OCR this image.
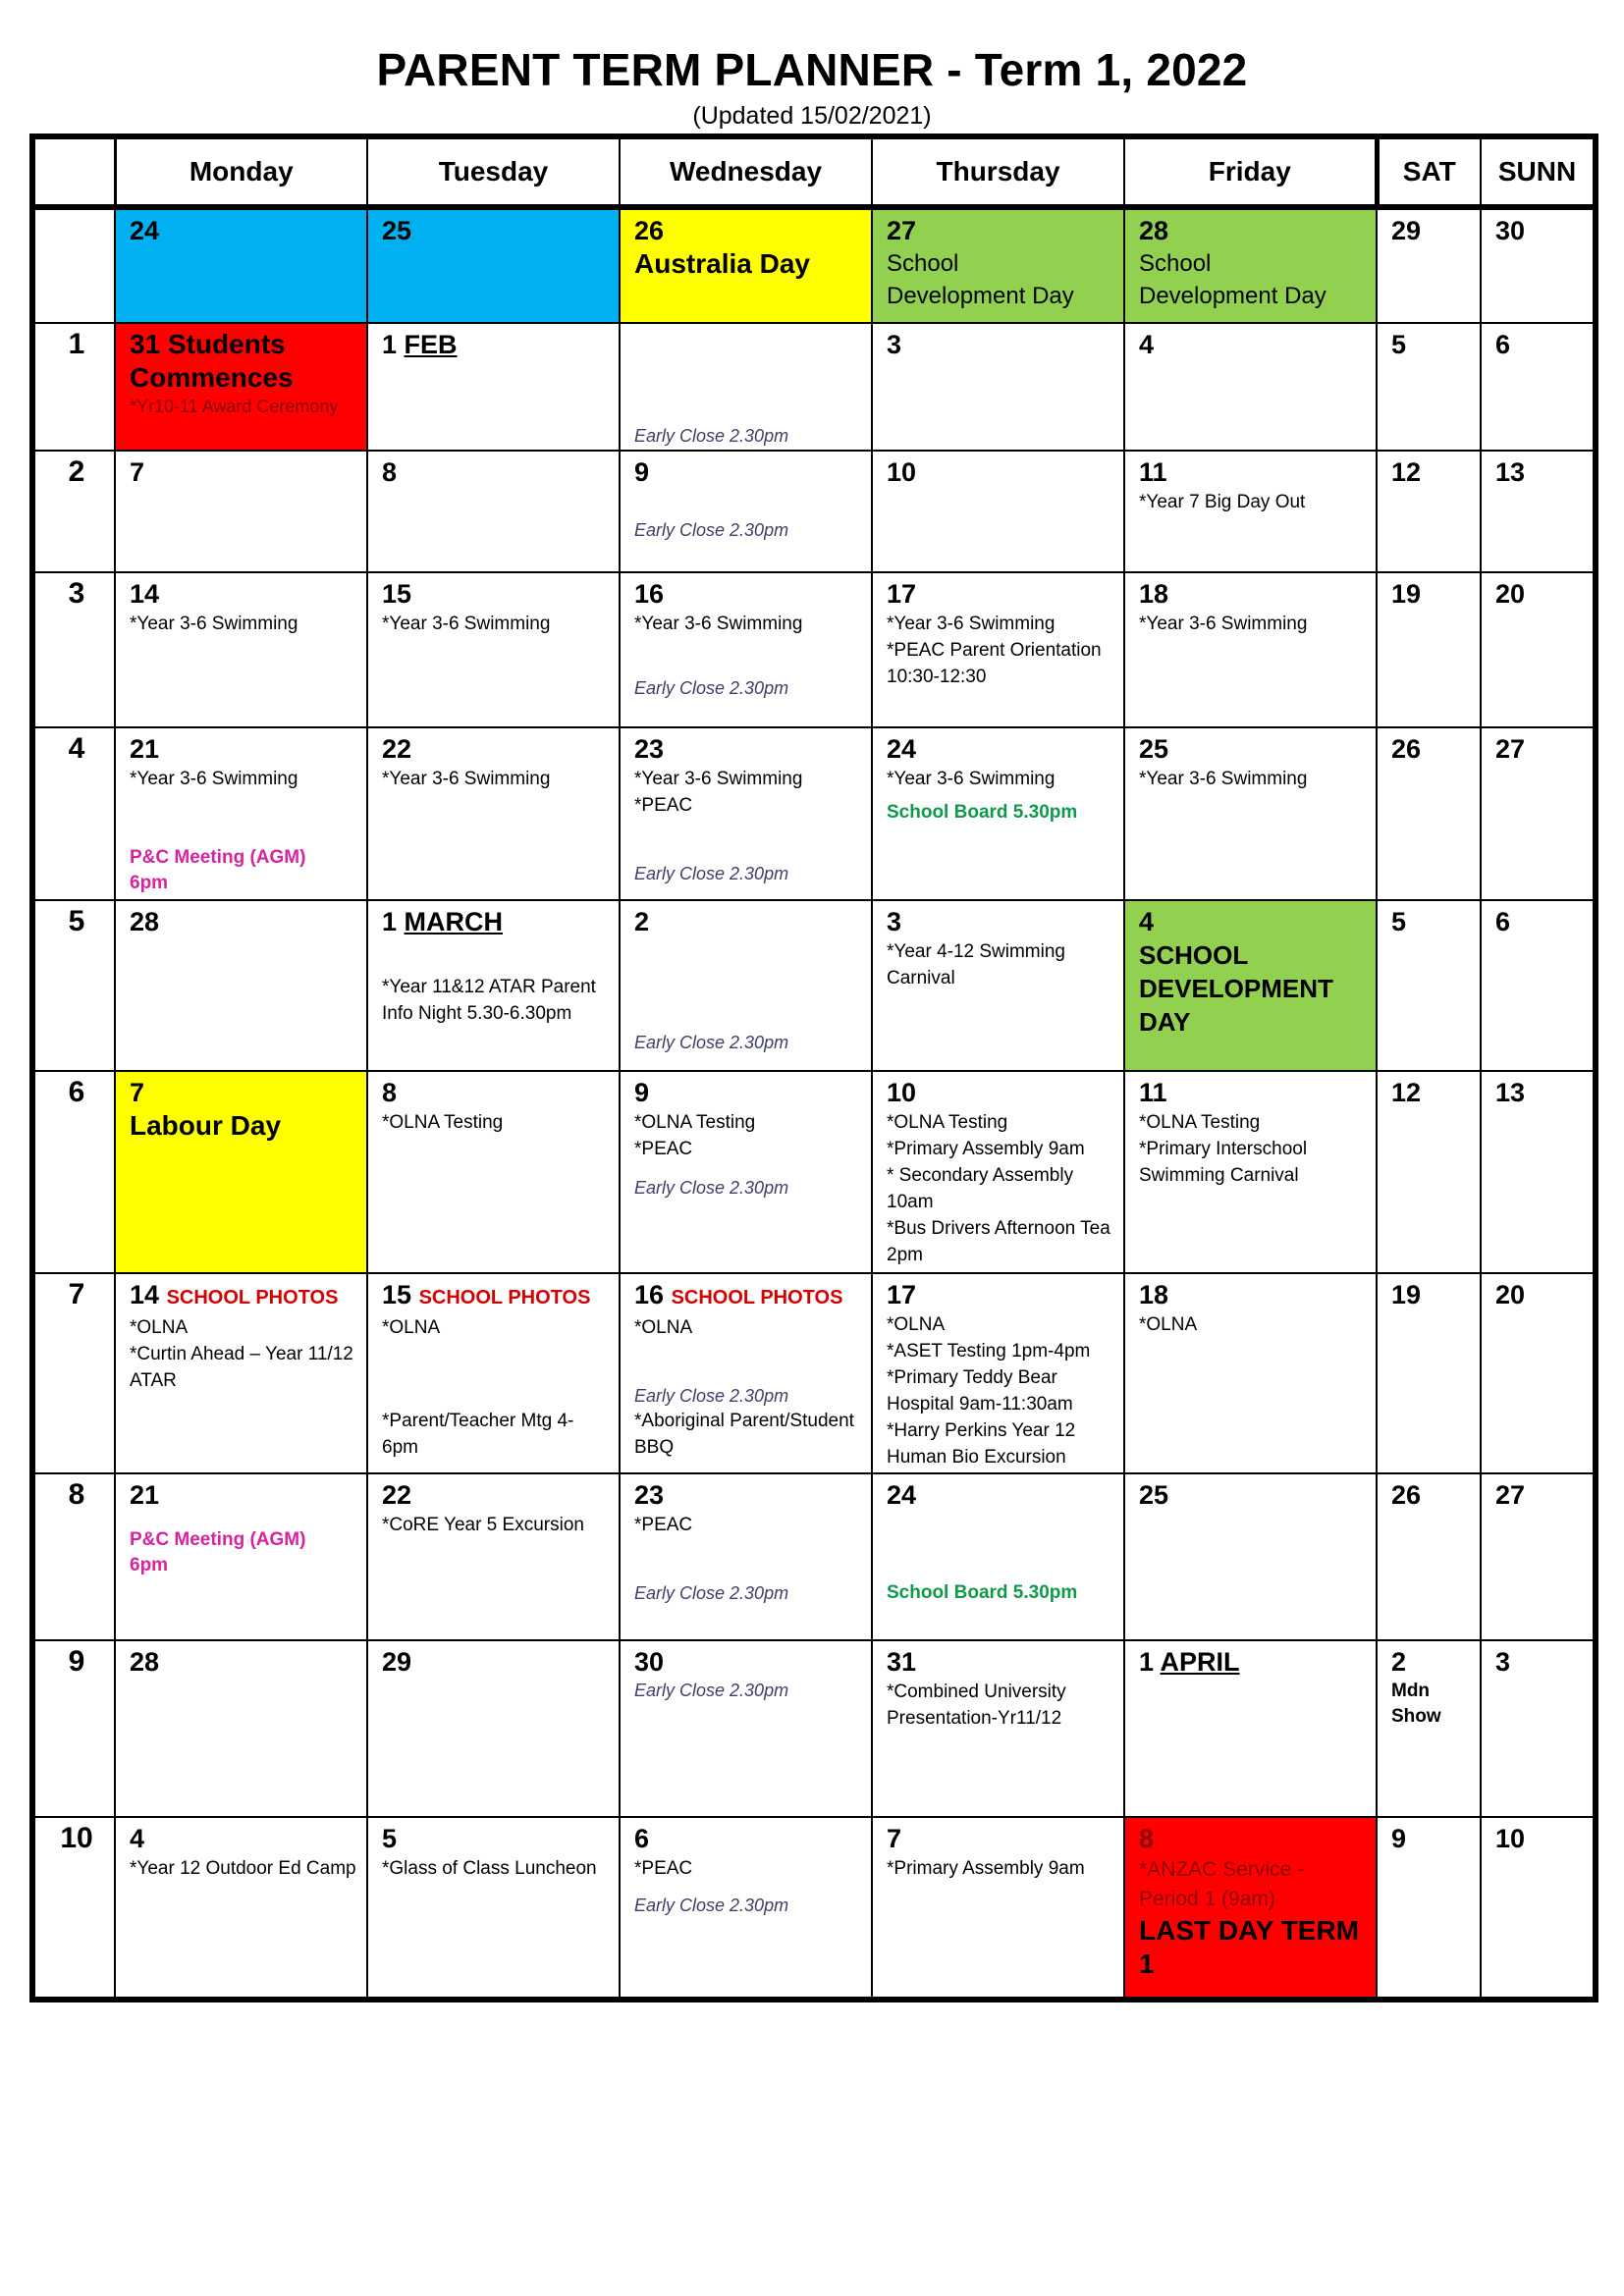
PARENT TERM PLANNER - Term 1, 2022
(Updated 15/02/2021)
	Monday	Tuesday	Wednesday	Thursday	Friday	SAT	SUNN

	24	25	26
Australia Day	27
School
Development Day	28
School
Development Day	29	30

1	31 Students
Commences
*Yr10-11 Award Ceremony	1 FEB	Early Close 2.30pm	3	4	5	6

2	7	8	9
Early Close 2.30pm	10	11
*Year 7 Big Day Out	12	13

3	14
*Year 3-6 Swimming	15
*Year 3-6 Swimming	16
*Year 3-6 Swimming
Early Close 2.30pm	17
*Year 3-6 Swimming
*PEAC Parent Orientation 10:30-12:30	18
*Year 3-6 Swimming	19	20

4	21
*Year 3-6 Swimming
P&C Meeting (AGM)
6pm	22
*Year 3-6 Swimming	23
*Year 3-6 Swimming
*PEAC
Early Close 2.30pm	24
*Year 3-6 Swimming
School Board 5.30pm	25
*Year 3-6 Swimming	26	27

5	28	1 MARCH
*Year 11&12 ATAR Parent Info Night 5.30-6.30pm	2
Early Close 2.30pm	3
*Year 4-12 Swimming Carnival	4
SCHOOL DEVELOPMENT DAY	5	6

6	7
Labour Day	8
*OLNA Testing	9
*OLNA Testing
*PEAC
Early Close 2.30pm	10
*OLNA Testing
*Primary Assembly 9am
* Secondary Assembly 10am
*Bus Drivers Afternoon Tea 2pm	11
*OLNA Testing
*Primary Interschool Swimming Carnival	12	13

7	14 SCHOOL PHOTOS
*OLNA
*Curtin Ahead – Year 11/12 ATAR	15 SCHOOL PHOTOS
*OLNA
*Parent/Teacher Mtg 4-6pm	16 SCHOOL PHOTOS
*OLNA
Early Close 2.30pm
*Aboriginal Parent/Student BBQ	17
*OLNA
*ASET Testing 1pm-4pm
*Primary Teddy Bear Hospital 9am-11:30am
*Harry Perkins Year 12 Human Bio Excursion	18
*OLNA	19	20

8	21
P&C Meeting (AGM)
6pm	22
*CoRE Year 5 Excursion	23
*PEAC
Early Close 2.30pm	24
School Board 5.30pm	25	26	27

9	28	29	30
Early Close 2.30pm	31
*Combined University Presentation-Yr11/12	1 APRIL	2
Mdn
Show	3

10	4
*Year 12 Outdoor Ed Camp	5
*Glass of Class Luncheon	6
*PEAC
Early Close 2.30pm	7
*Primary Assembly 9am	8
*ANZAC Service - Period 1 (9am)
LAST DAY TERM 1	9	10
